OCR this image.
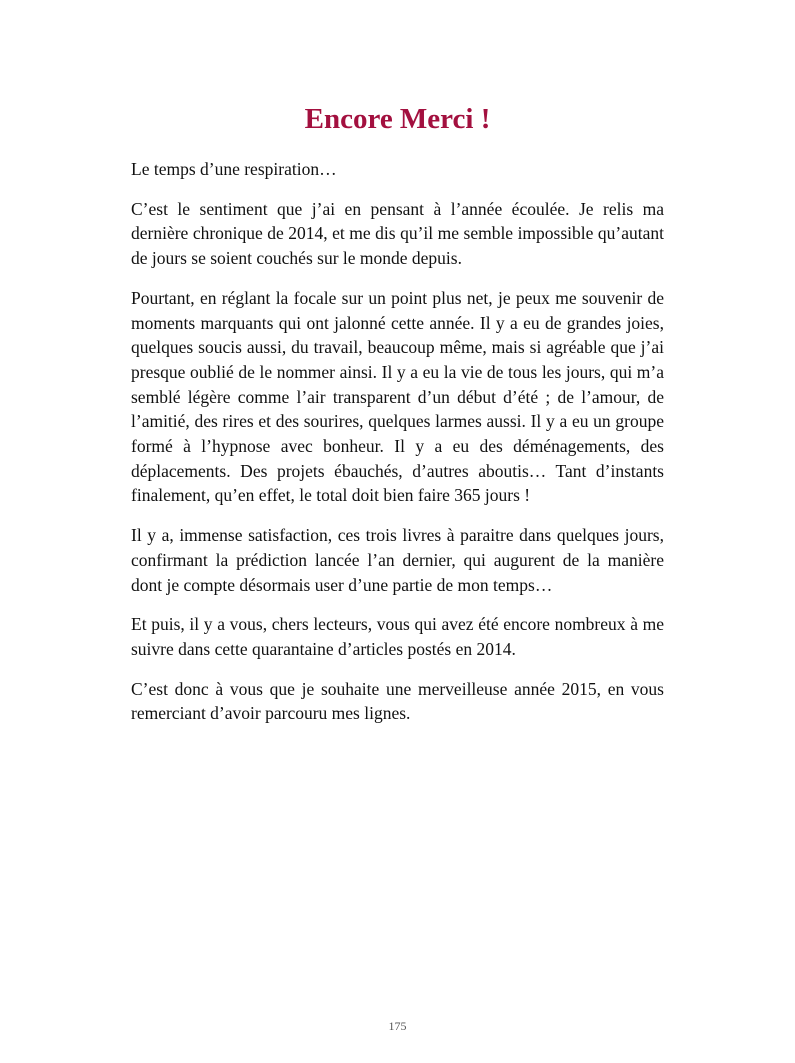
Encore Merci !

Le temps d’une respiration…

C’est le sentiment que j’ai en pensant à l’année écoulée. Je relis ma dernière chronique de 2014, et me dis qu’il me semble impossible qu’autant de jours se soient couchés sur le monde depuis.

Pourtant, en réglant la focale sur un point plus net, je peux me souvenir de moments marquants qui ont jalonné cette année. Il y a eu de grandes joies, quelques soucis aussi, du travail, beaucoup même, mais si agréable que j’ai presque oublié de le nommer ainsi. Il y a eu la vie de tous les jours, qui m’a semblé légère comme l’air transparent d’un début d’été ; de l’amour, de l’amitié, des rires et des sourires, quelques larmes aussi. Il y a eu un groupe formé à l’hypnose avec bonheur. Il y a eu des déménagements, des déplacements. Des projets ébauchés, d’autres aboutis… Tant d’instants finalement, qu’en effet, le total doit bien faire 365 jours !

Il y a, immense satisfaction, ces trois livres à paraitre dans quelques jours, confirmant la prédiction lancée l’an dernier, qui augurent de la manière dont je compte désormais user d’une partie de mon temps…

Et puis, il y a vous, chers lecteurs, vous qui avez été encore nombreux à me suivre dans cette quarantaine d’articles postés en 2014.

C’est donc à vous que je souhaite une merveilleuse année 2015, en vous remerciant d’avoir parcouru mes lignes.

175
